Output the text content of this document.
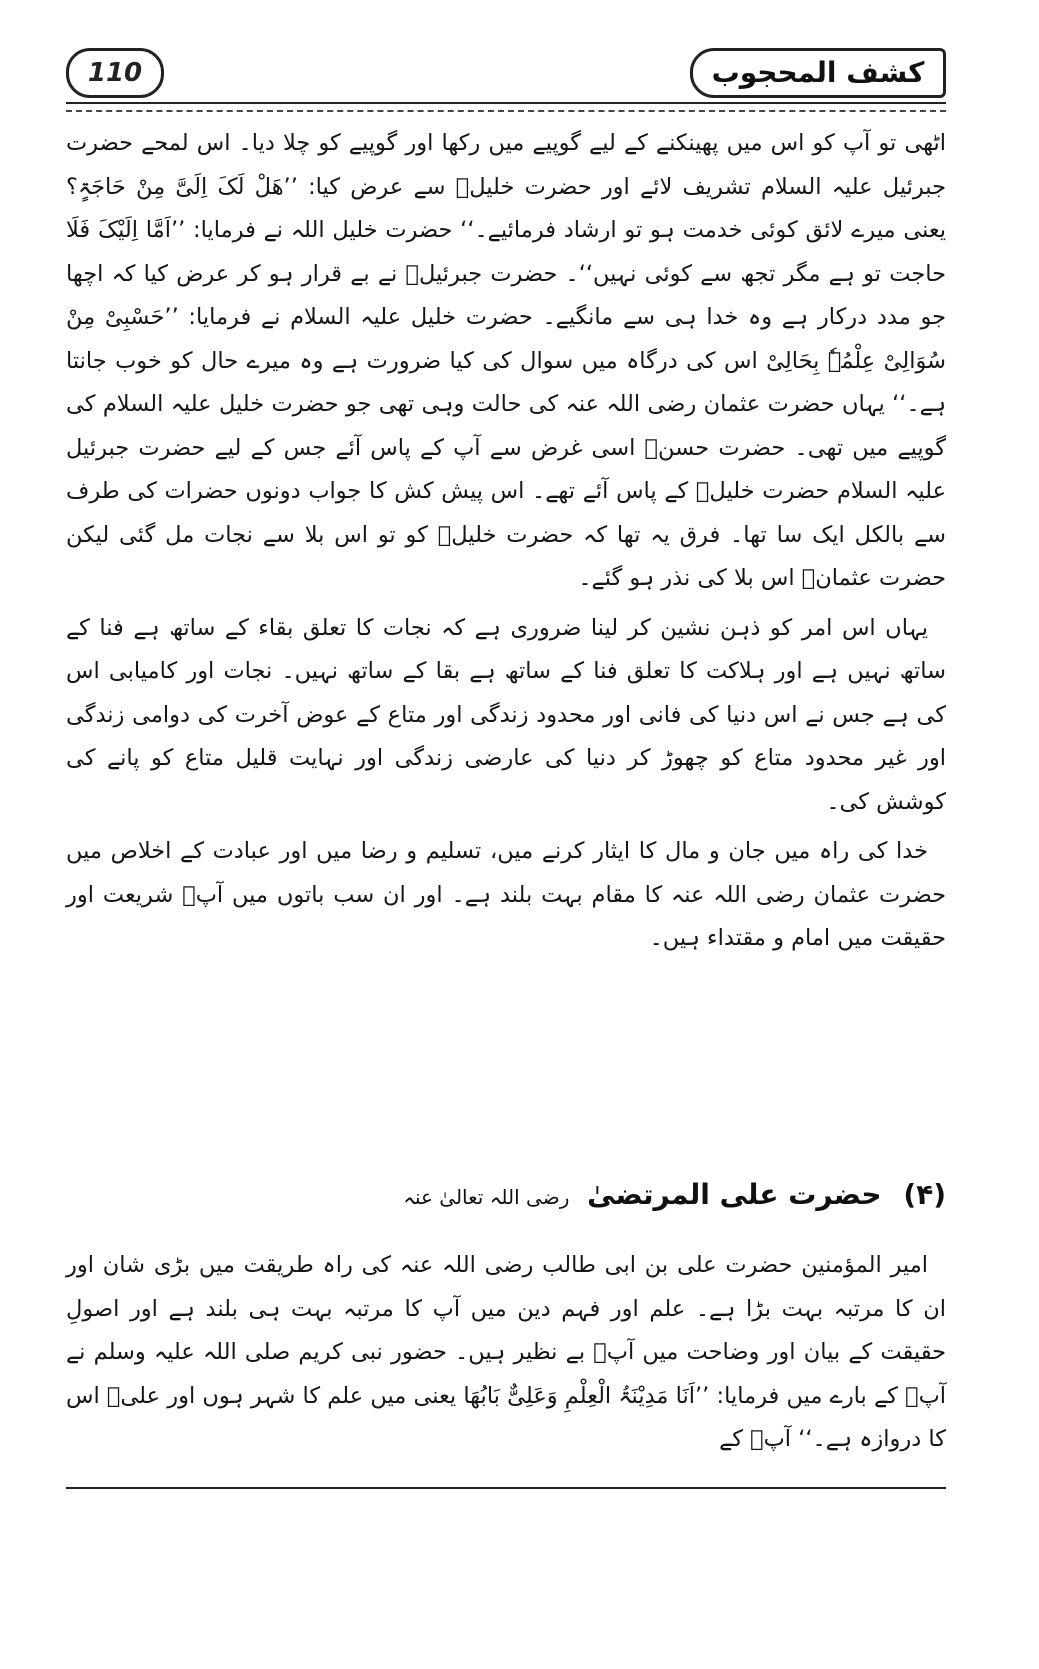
110	کشف المحجوب

اٹھی تو آپ کو اس میں پھینکنے کے لیے گوپیے میں رکھا اور گوپیے کو چلا دیا۔ اس لمحے حضرت جبرئیل علیہ السلام تشریف لائے اور حضرت خلیلؑ سے عرض کیا: ’’ھَلْ لَکَ اِلَیَّ مِنْ حَاجَۃٍ؟ یعنی میرے لائق کوئی خدمت ہو تو ارشاد فرمائیے۔‘‘ حضرت خلیل اللہ نے فرمایا: ’’اَمَّا اِلَیْکَ فَلَا حاجت تو ہے مگر تجھ سے کوئی نہیں‘‘۔ حضرت جبرئیلؑ نے بے قرار ہو کر عرض کیا کہ اچھا جو مدد درکار ہے وہ خدا ہی سے مانگیے۔ حضرت خلیل علیہ السلام نے فرمایا: ’’حَسْبِیْ مِنْ سُوَالِیْ عِلْمُہٗ بِحَالِیْ اس کی درگاہ میں سوال کی کیا ضرورت ہے وہ میرے حال کو خوب جانتا ہے۔‘‘ یہاں حضرت عثمان رضی اللہ عنہ کی حالت وہی تھی جو حضرت خلیل علیہ السلام کی گوپیے میں تھی۔ حضرت حسنؓ اسی غرض سے آپ کے پاس آئے جس کے لیے حضرت جبرئیل علیہ السلام حضرت خلیلؑ کے پاس آئے تھے۔ اس پیش کش کا جواب دونوں حضرات کی طرف سے بالکل ایک سا تھا۔ فرق یہ تھا کہ حضرت خلیلؑ کو تو اس بلا سے نجات مل گئی لیکن حضرت عثمانؓ اس بلا کی نذر ہو گئے۔

یہاں اس امر کو ذہن نشین کر لینا ضروری ہے کہ نجات کا تعلق بقاء کے ساتھ ہے فنا کے ساتھ نہیں ہے اور ہلاکت کا تعلق فنا کے ساتھ ہے بقا کے ساتھ نہیں۔ نجات اور کامیابی اس کی ہے جس نے اس دنیا کی فانی اور محدود زندگی اور متاع کے عوض آخرت کی دوامی زندگی اور غیر محدود متاع کو چھوڑ کر دنیا کی عارضی زندگی اور نہایت قلیل متاع کو پانے کی کوشش کی۔

خدا کی راہ میں جان و مال کا ایثار کرنے میں، تسلیم و رضا میں اور عبادت کے اخلاص میں حضرت عثمان رضی اللہ عنہ کا مقام بہت بلند ہے۔ اور ان سب باتوں میں آپؓ شریعت اور حقیقت میں امام و مقتداء ہیں۔

(۴) حضرت علی المرتضیٰ رضی اللہ تعالیٰ عنہ

امیر المؤمنین حضرت علی بن ابی طالب رضی اللہ عنہ کی راہ طریقت میں بڑی شان اور ان کا مرتبہ بہت بڑا ہے۔ علم اور فہم دین میں آپ کا مرتبہ بہت ہی بلند ہے اور اصولِ حقیقت کے بیان اور وضاحت میں آپؓ بے نظیر ہیں۔ حضور نبی کریم صلی اللہ علیہ وسلم نے آپؓ کے بارے میں فرمایا: ’’اَنَا مَدِیْنَۃُ الْعِلْمِ وَعَلِیٌّ بَابُھَا یعنی میں علم کا شہر ہوں اور علیؓ اس کا دروازہ ہے۔‘‘ آپؓ کے
